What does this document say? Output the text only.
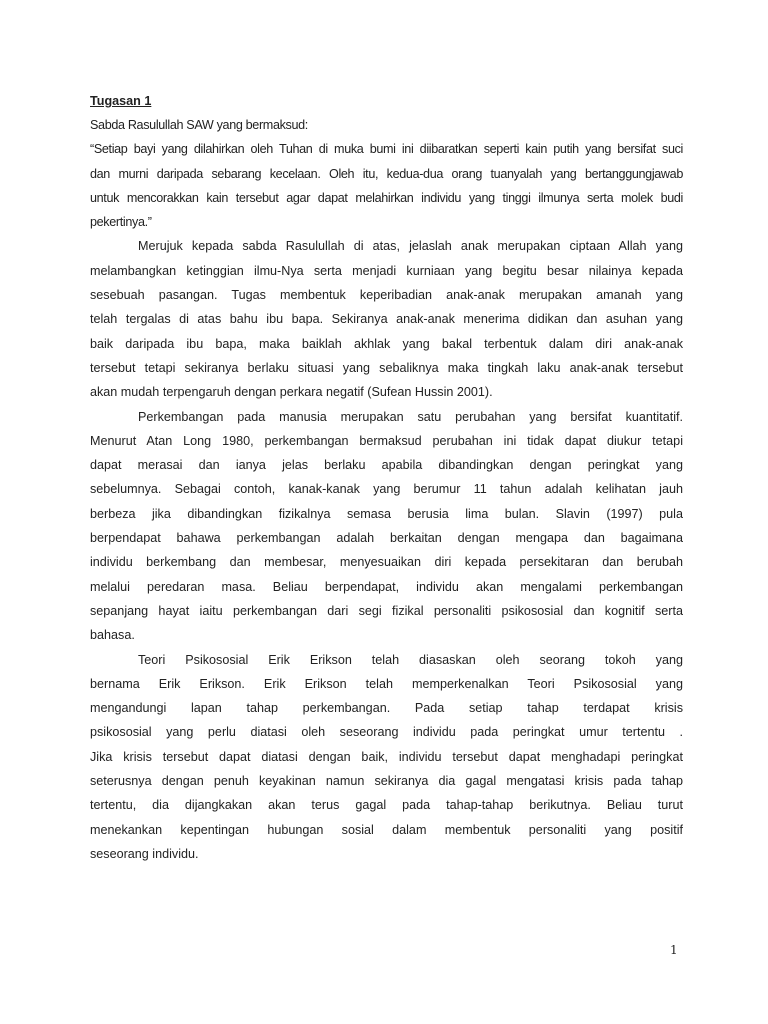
Tugasan 1
Sabda Rasulullah SAW yang bermaksud:
“Setiap bayi yang dilahirkan oleh Tuhan di muka bumi ini diibaratkan seperti kain putih yang bersifat suci
dan murni daripada sebarang kecelaan. Oleh itu, kedua-dua orang tuanyalah yang bertanggungjawab
untuk mencorakkan kain tersebut agar dapat melahirkan individu yang tinggi ilmunya serta molek budi
pekertinya.”
Merujuk kepada sabda Rasulullah di atas, jelaslah anak merupakan ciptaan Allah yang
melambangkan ketinggian ilmu-Nya serta menjadi kurniaan yang begitu besar nilainya kepada
sesebuah pasangan. Tugas membentuk keperibadian anak-anak merupakan amanah yang
telah tergalas di atas bahu ibu bapa. Sekiranya anak-anak menerima didikan dan asuhan yang
baik daripada ibu bapa, maka baiklah akhlak yang bakal terbentuk dalam diri anak-anak
tersebut tetapi sekiranya berlaku situasi yang sebaliknya maka tingkah laku anak-anak tersebut
akan mudah terpengaruh dengan perkara negatif (Sufean Hussin 2001).
Perkembangan pada manusia merupakan satu perubahan yang bersifat kuantitatif.
Menurut Atan Long 1980, perkembangan bermaksud perubahan ini tidak dapat diukur tetapi
dapat merasai dan ianya jelas berlaku apabila dibandingkan dengan peringkat yang
sebelumnya. Sebagai contoh, kanak-kanak yang berumur 11 tahun adalah kelihatan jauh
berbeza jika dibandingkan fizikalnya semasa berusia lima bulan. Slavin (1997) pula
berpendapat bahawa perkembangan adalah berkaitan dengan mengapa dan bagaimana
individu berkembang dan membesar, menyesuaikan diri kepada persekitaran dan berubah
melalui peredaran masa. Beliau berpendapat, individu akan mengalami perkembangan
sepanjang hayat iaitu perkembangan dari segi fizikal personaliti psikososial dan kognitif serta
bahasa.
Teori Psikososial Erik Erikson telah diasaskan oleh seorang tokoh yang
bernama Erik Erikson. Erik Erikson telah memperkenalkan Teori Psikososial yang
mengandungi lapan tahap perkembangan. Pada setiap tahap terdapat krisis
psikososial yang perlu diatasi oleh seseorang individu pada peringkat umur tertentu .
Jika krisis tersebut dapat diatasi dengan baik, individu tersebut dapat menghadapi peringkat
seterusnya dengan penuh keyakinan namun sekiranya dia gagal mengatasi krisis pada tahap
tertentu, dia dijangkakan akan terus gagal pada tahap-tahap berikutnya. Beliau turut
menekankan kepentingan hubungan sosial dalam membentuk personaliti yang positif
seseorang individu.
1
